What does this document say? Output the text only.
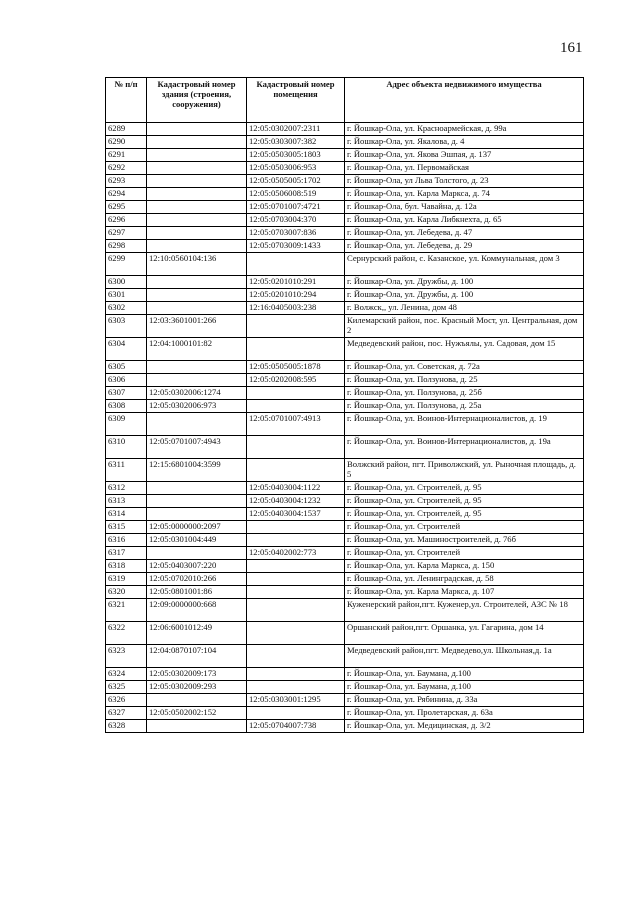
161
№ п/п	Кадастровый номер здания (строения, сооружения)	Кадастровый номер помещения	Адрес объекта недвижимого имущества
6289		12:05:0302007:2311	г. Йошкар-Ола, ул. Красноармейская, д. 99а
6290		12:05:0303007:382	г. Йошкар-Ола, ул. Якалова, д. 4
6291		12:05:0503005:1803	г. Йошкар-Ола, ул. Якова Эшпая, д. 137
6292		12:05:0503006:953	г. Йошкар-Ола, ул. Первомайская
6293		12:05:0505005:1702	г. Йошкар-Ола, ул Льва Толстого, д. 23
6294		12:05:0506008:519	г. Йошкар-Ола, ул. Карла Маркса, д. 74
6295		12:05:0701007:4721	г. Йошкар-Ола, бул. Чавайна, д. 12а
6296		12:05:0703004:370	г. Йошкар-Ола, ул. Карла Либкнехта, д. 65
6297		12:05:0703007:836	г. Йошкар-Ола, ул. Лебедева, д. 47
6298		12:05:0703009:1433	г. Йошкар-Ола, ул. Лебедева, д. 29
6299	12:10:0560104:136		Сернурский район, с. Казанское, ул. Коммунальная, дом 3
6300		12:05:0201010:291	г. Йошкар-Ола, ул. Дружбы, д. 100
6301		12:05:0201010:294	г. Йошкар-Ола, ул. Дружбы, д. 100
6302		12:16:0405003:238	г. Волжск,, ул. Ленина, дом 48
6303	12:03:3601001:266		Килемарский район, пос. Красный Мост, ул. Центральная, дом 2
6304	12:04:1000101:82		Медведевский район, пос. Нужъялы, ул. Садовая, дом 15
6305		12:05:0505005:1878	г. Йошкар-Ола, ул. Советская, д. 72а
6306		12:05:0202008:595	г. Йошкар-Ола, ул. Ползунова, д. 25
6307	12:05:0302006:1274		г. Йошкар-Ола, ул. Ползунова, д. 25б
6308	12:05:0302006:973		г. Йошкар-Ола, ул. Ползунова, д. 25а
6309		12:05:0701007:4913	г. Йошкар-Ола, ул. Воинов-Интернационалистов, д. 19
6310	12:05:0701007:4943		г. Йошкар-Ола, ул. Воинов-Интернационалистов, д. 19а
6311	12:15:6801004:3599		Волжский район, пгт. Приволжский, ул. Рыночная площадь, д. 5
6312		12:05:0403004:1122	г. Йошкар-Ола, ул. Строителей, д. 95
6313		12:05:0403004:1232	г. Йошкар-Ола, ул. Строителей, д. 95
6314		12:05:0403004:1537	г. Йошкар-Ола, ул. Строителей, д. 95
6315	12:05:0000000:2097		г. Йошкар-Ола, ул. Строителей
6316	12:05:0301004:449		г. Йошкар-Ола, ул. Машиностроителей, д. 76б
6317		12:05:0402002:773	г. Йошкар-Ола, ул. Строителей
6318	12:05:0403007:220		г. Йошкар-Ола, ул. Карла Маркса, д. 150
6319	12:05:0702010:266		г. Йошкар-Ола, ул. Ленинградская, д. 58
6320	12:05:0801001:86		г. Йошкар-Ола, ул. Карла Маркса, д. 107
6321	12:09:0000000:668		Куженерский район,пгт. Куженер,ул. Строителей, АЗС № 18
6322	12:06:6001012:49		Оршанский район,пгт. Оршанка, ул. Гагарина, дом 14
6323	12:04:0870107:104		Медведевский район,пгт. Медведево,ул. Школьная,д. 1а
6324	12:05:0302009:173		г. Йошкар-Ола, ул. Баумана, д.100
6325	12:05:0302009:293		г. Йошкар-Ола, ул. Баумана, д.100
6326		12:05:0303001:1295	г. Йошкар-Ола, ул. Рябинина, д. 33а
6327	12:05:0502002:152		г. Йошкар-Ола, ул. Пролетарская, д. 63а
6328		12:05:0704007:738	г. Йошкар-Ола, ул. Медицинская, д. 3/2
